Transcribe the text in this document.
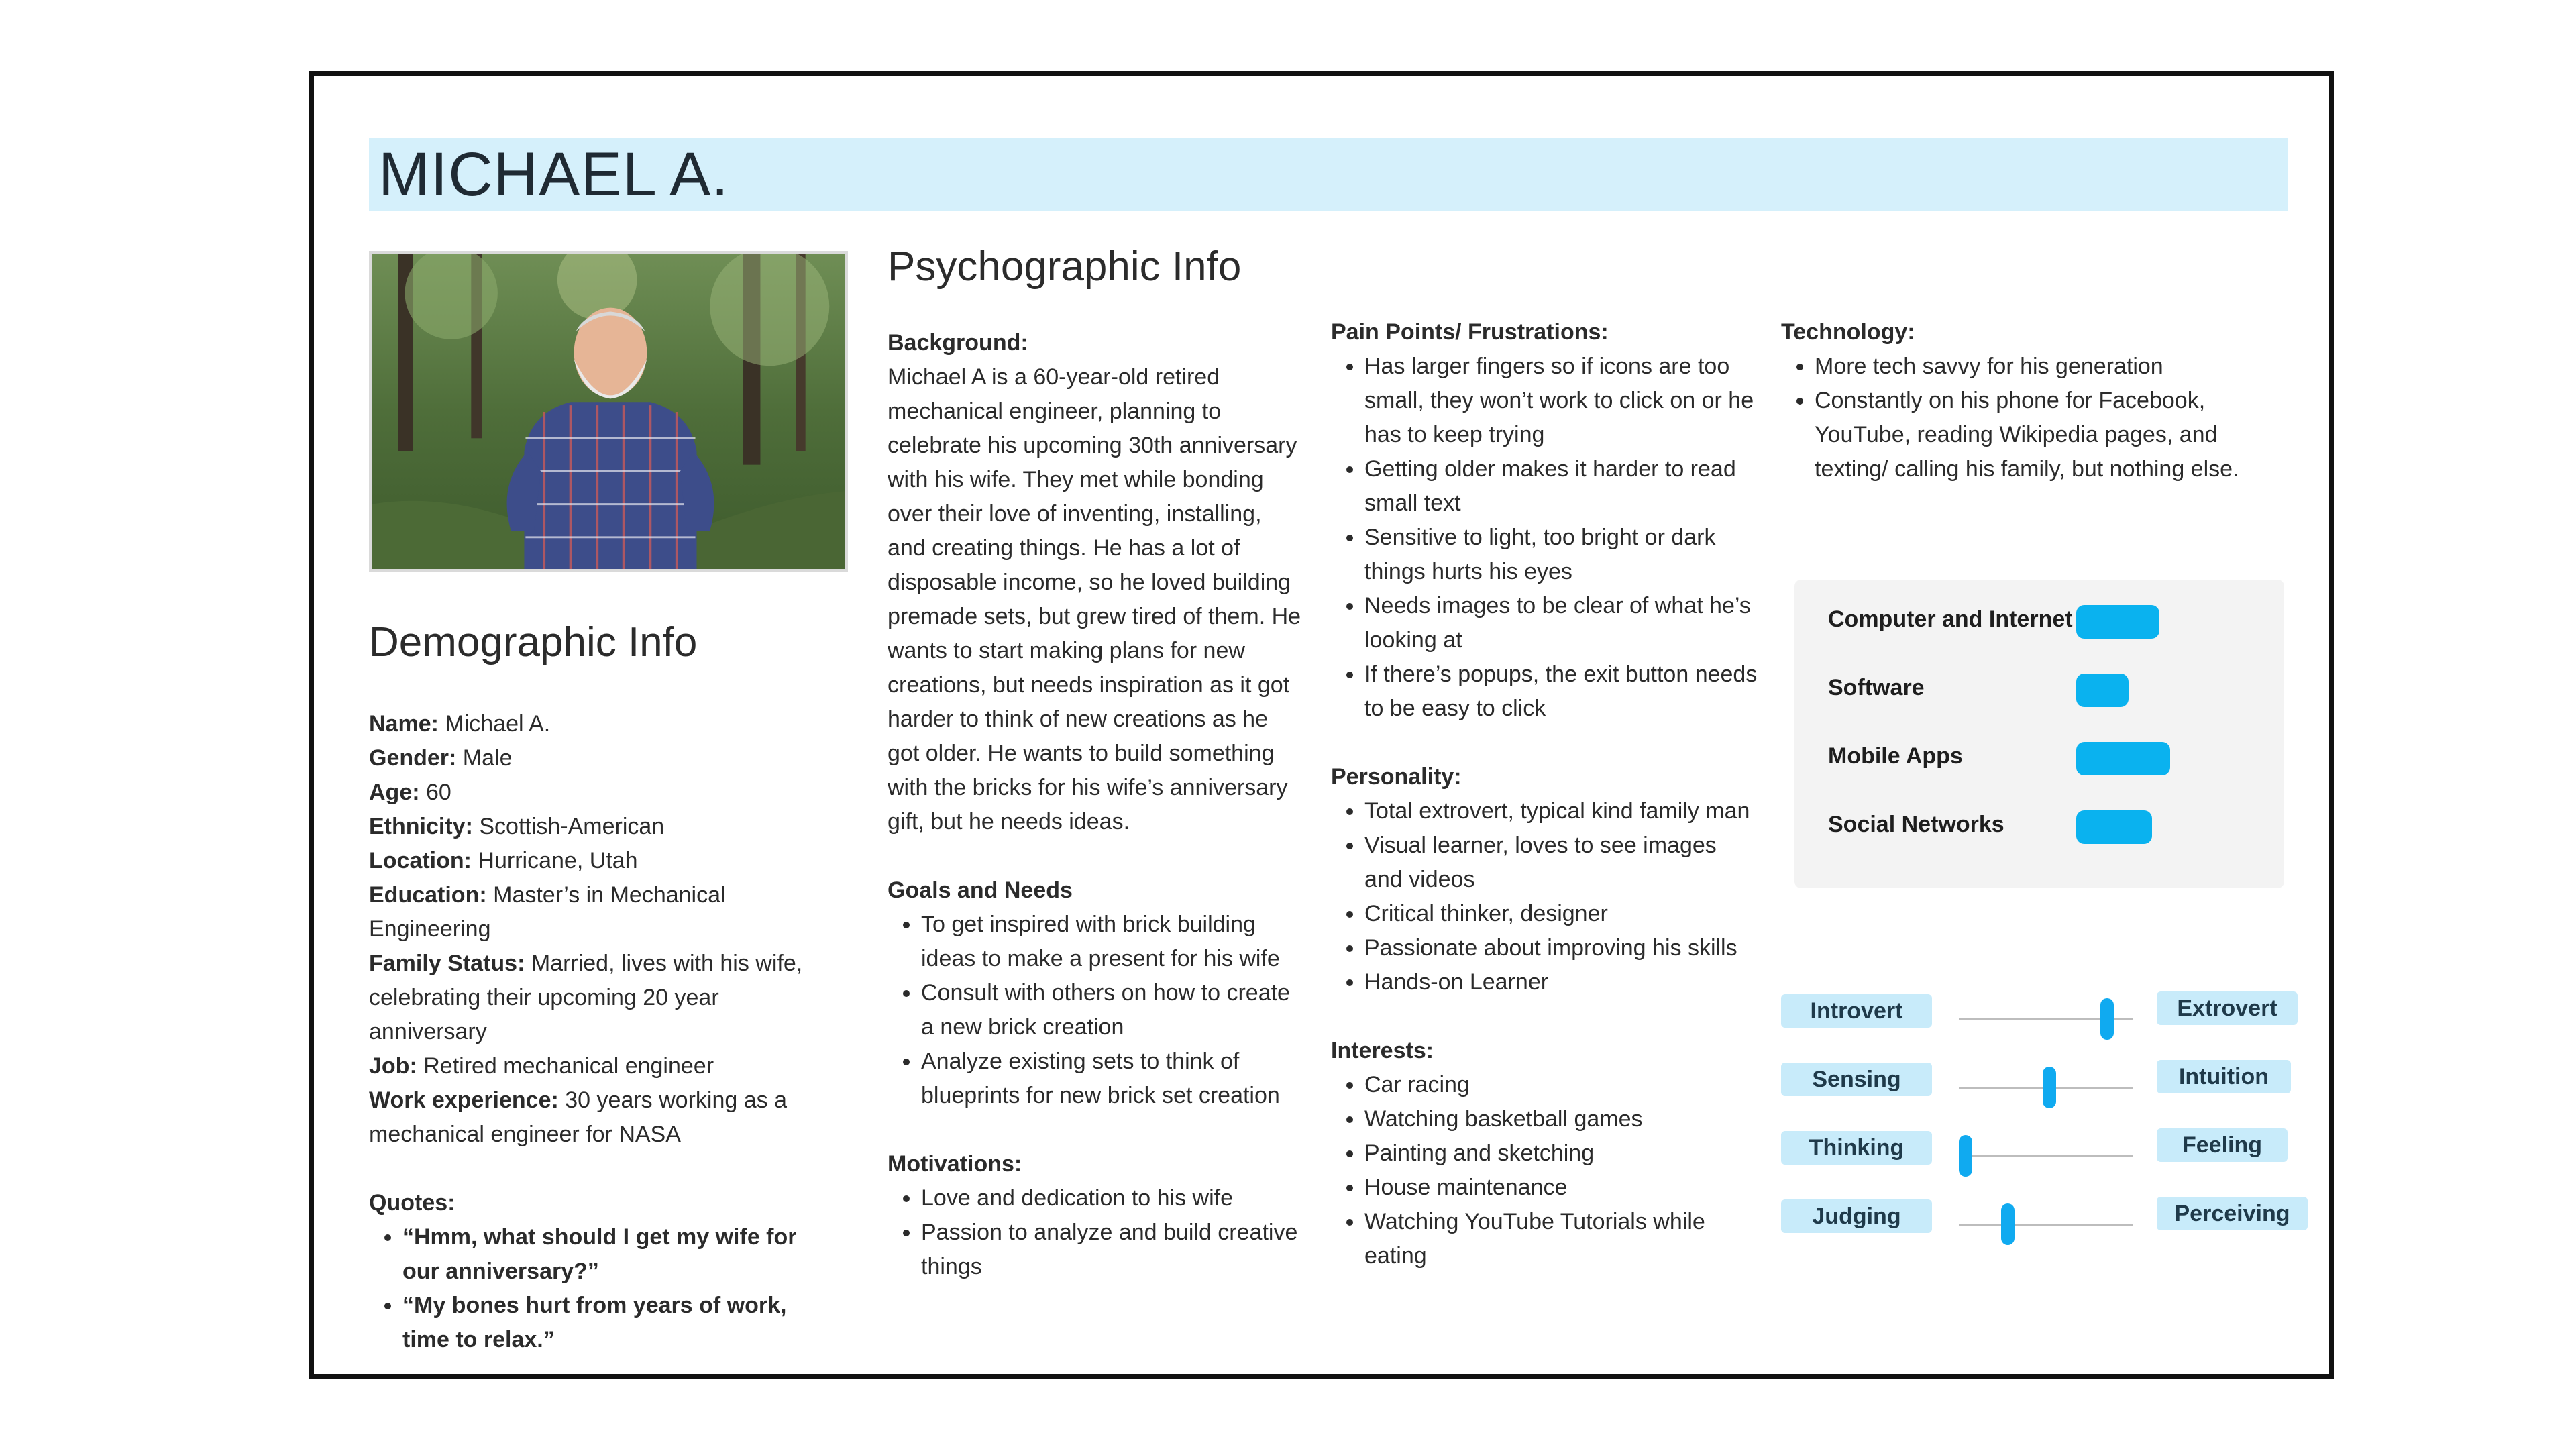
MICHAEL A.
Demographic Info

Name: Michael A.

Gender: Male

Age: 60

Ethnicity: Scottish-American

Location: Hurricane, Utah

Education: Master’s in Mechanical Engineering

Family Status: Married, lives with his wife, celebrating their upcoming 20 year anniversary

Job: Retired mechanical engineer

Work experience: 30 years working as a mechanical engineer for NASA

Quotes:

• “Hmm, what should I get my wife for our anniversary?”
• “My bones hurt from years of work, time to relax.”
Psychographic Info

Background:

Michael A is a 60-year-old retired mechanical engineer, planning to celebrate his upcoming 30th anniversary with his wife. They met while bonding over their love of inventing, installing, and creating things. He has a lot of disposable income, so he loved building premade sets, but grew tired of them. He wants to start making plans for new creations, but needs inspiration as it got harder to think of new creations as he got older. He wants to build something with the bricks for his wife’s anniversary gift, but he needs ideas.

Goals and Needs

• To get inspired with brick building ideas to make a present for his wife
• Consult with others on how to create a new brick creation
• Analyze existing sets to think of blueprints for new brick set creation

Motivations:

• Love and dedication to his wife
• Passion to analyze and build creative things

Pain Points/ Frustrations:

• Has larger fingers so if icons are too small, they won’t work to click on or he has to keep trying
• Getting older makes it harder to read small text
• Sensitive to light, too bright or dark things hurts his eyes
• Needs images to be clear of what he’s looking at
• If there’s popups, the exit button needs to be easy to click

Personality:

• Total extrovert, typical kind family man
• Visual learner, loves to see images and videos
• Critical thinker, designer
• Passionate about improving his skills
• Hands-on Learner

Interests:

• Car racing
• Watching basketball games
• Painting and sketching
• House maintenance
• Watching YouTube Tutorials while eating

Technology:

• More tech savvy for his generation
• Constantly on his phone for Facebook, YouTube, reading Wikipedia pages, and texting/ calling his family, but nothing else.
Computer and Internet
Software
Mobile Apps
Social Networks
Introvert	Extrovert
Sensing	Intuition
Thinking	Feeling
Judging	Perceiving
